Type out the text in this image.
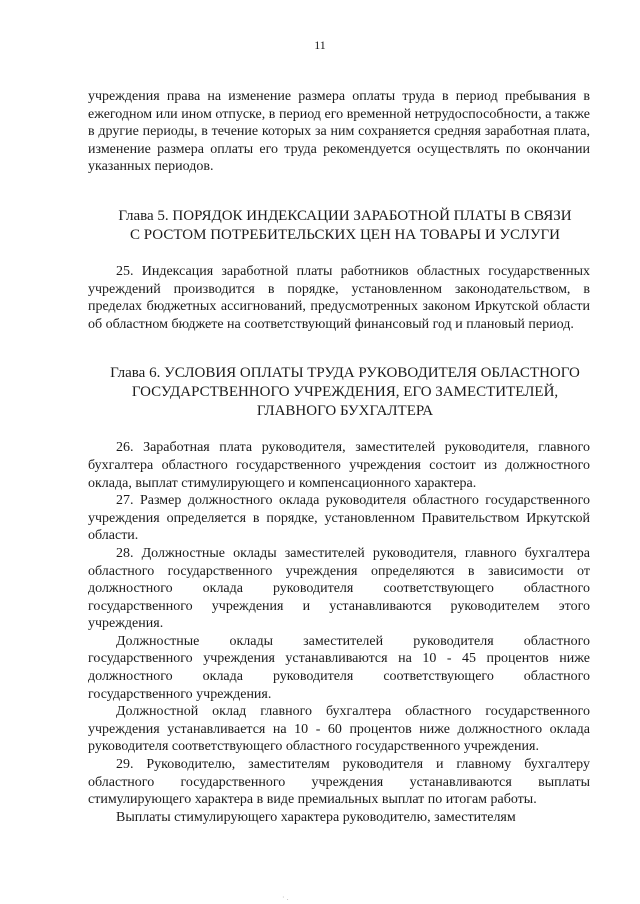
11

учреждения права на изменение размера оплаты труда в период пребывания в ежегодном или ином отпуске, в период его временной нетрудоспособности, а также в другие периоды, в течение которых за ним сохраняется средняя заработная плата, изменение размера оплаты его труда рекомендуется осуществлять по окончании указанных периодов.

Глава 5. ПОРЯДОК ИНДЕКСАЦИИ ЗАРАБОТНОЙ ПЛАТЫ В СВЯЗИ
С РОСТОМ ПОТРЕБИТЕЛЬСКИХ ЦЕН НА ТОВАРЫ И УСЛУГИ

25. Индексация заработной платы работников областных государственных учреждений производится в порядке, установленном законодательством, в пределах бюджетных ассигнований, предусмотренных законом Иркутской области об областном бюджете на соответствующий финансовый год и плановый период.

Глава 6. УСЛОВИЯ ОПЛАТЫ ТРУДА РУКОВОДИТЕЛЯ ОБЛАСТНОГО
ГОСУДАРСТВЕННОГО УЧРЕЖДЕНИЯ, ЕГО ЗАМЕСТИТЕЛЕЙ,
ГЛАВНОГО БУХГАЛТЕРА

26. Заработная плата руководителя, заместителей руководителя, главного бухгалтера областного государственного учреждения состоит из должностного оклада, выплат стимулирующего и компенсационного характера.

27. Размер должностного оклада руководителя областного государственного учреждения определяется в порядке, установленном Правительством Иркутской области.

28. Должностные оклады заместителей руководителя, главного бухгалтера областного государственного учреждения определяются в зависимости от должностного оклада руководителя соответствующего областного государственного учреждения и устанавливаются руководителем этого учреждения.

Должностные оклады заместителей руководителя областного государственного учреждения устанавливаются на 10 - 45 процентов ниже должностного оклада руководителя соответствующего областного государственного учреждения.

Должностной оклад главного бухгалтера областного государственного учреждения устанавливается на 10 - 60 процентов ниже должностного оклада руководителя соответствующего областного государственного учреждения.

29. Руководителю, заместителям руководителя и главному бухгалтеру областного государственного учреждения устанавливаются выплаты стимулирующего характера в виде премиальных выплат по итогам работы.

Выплаты стимулирующего характера руководителю, заместителям

· .
